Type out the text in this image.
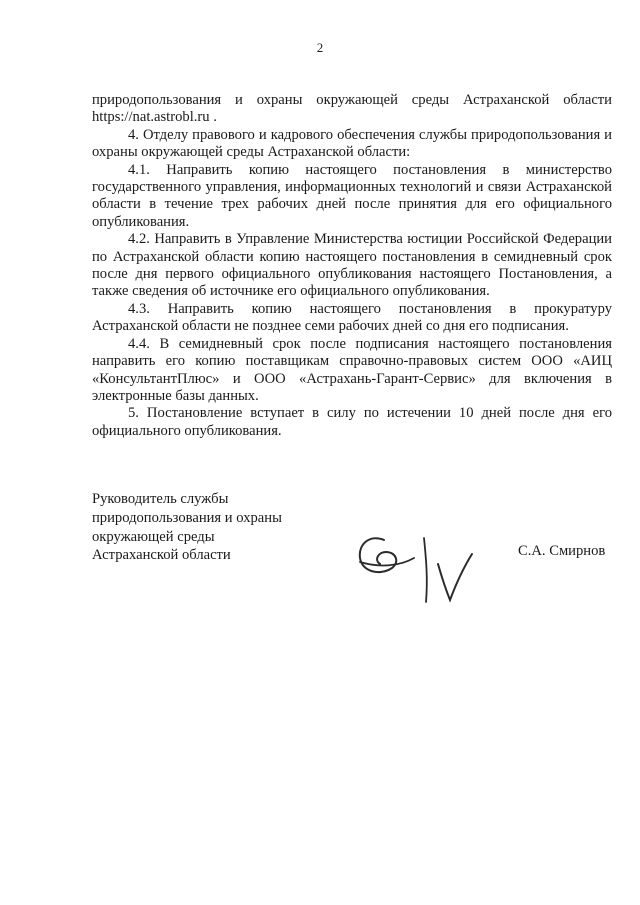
2

природопользования и охраны окружающей среды Астраханской области https://nat.astrobl.ru .

4. Отделу правового и кадрового обеспечения службы природопользования и охраны окружающей среды Астраханской области:

4.1. Направить копию настоящего постановления в министерство государственного управления, информационных технологий и связи Астраханской области в течение трех рабочих дней после принятия для его официального опубликования.

4.2. Направить в Управление Министерства юстиции Российской Федерации по Астраханской области копию настоящего постановления в семидневный срок после дня первого официального опубликования настоящего Постановления, а также сведения об источнике его официального опубликования.

4.3. Направить копию настоящего постановления в прокуратуру Астраханской области не позднее семи рабочих дней со дня его подписания.

4.4. В семидневный срок после подписания настоящего постановления направить его копию поставщикам справочно-правовых систем ООО «АИЦ «КонсультантПлюс» и ООО «Астрахань-Гарант-Сервис» для включения в электронные базы данных.

5. Постановление вступает в силу по истечении 10 дней после дня его официального опубликования.

Руководитель службы
природопользования и охраны
окружающей среды
Астраханской области	С.А. Смирнов
